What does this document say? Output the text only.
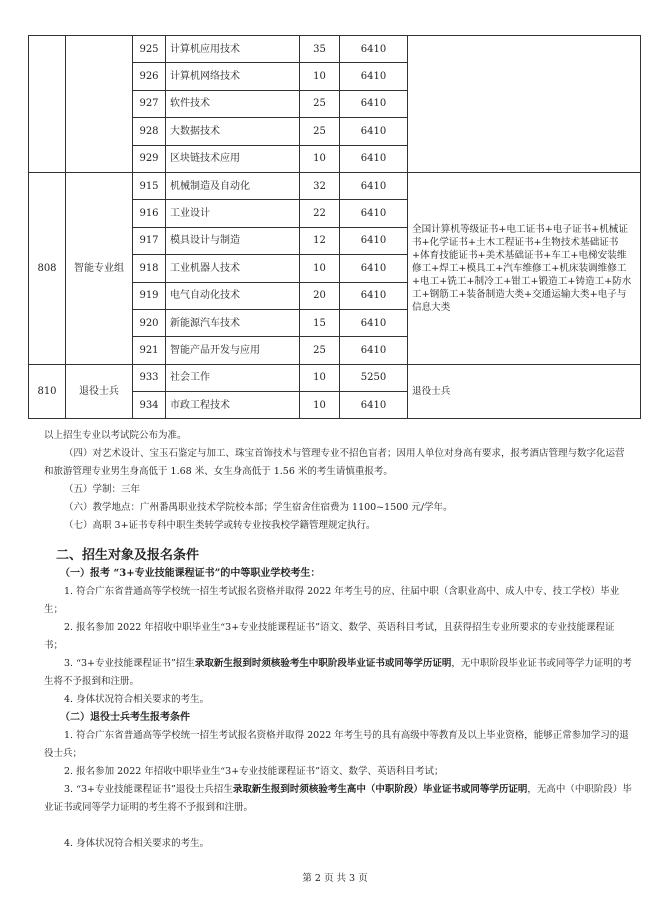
		925	计算机应用技术	35	6410	
		926	计算机网络技术	10	6410	
		927	软件技术	25	6410	
		928	大数据技术	25	6410	
		929	区块链技术应用	10	6410	
808	智能专业组	915	机械制造及自动化	32	6410	全国计算机等级证书+电工证书+电子证书+机械证书+化学证书+土木工程证书+生物技术基础证书+体育技能证书+美术基础证书+车工+电梯安装维修工+焊工+模具工+汽车维修工+机床装调维修工+电工+铣工+制冷工+钳工+锻造工+铸造工+防水工+钢筋工+装备制造大类+交通运输大类+电子与信息大类
		916	工业设计	22	6410	
		917	模具设计与制造	12	6410	
		918	工业机器人技术	10	6410	
		919	电气自动化技术	20	6410	
		920	新能源汽车技术	15	6410	
		921	智能产品开发与应用	25	6410	
810	退役士兵	933	社会工作	10	5250	退役士兵
		934	市政工程技术	10	6410	

以上招生专业以考试院公布为准。

（四）对艺术设计、宝玉石鉴定与加工、珠宝首饰技术与管理专业不招色盲者；因用人单位对身高有要求，报考酒店管理与数字化运营和旅游管理专业男生身高低于 1.68 米、女生身高低于 1.56 米的考生请慎重报考。

（五）学制：三年

（六）教学地点：广州番禺职业技术学院校本部；学生宿舍住宿费为 1100~1500 元/学年。

（七）高职 3+证书专科中职生类转学或转专业按我校学籍管理规定执行。

二、招生对象及报名条件

（一）报考 “3+专业技能课程证书”的中等职业学校考生：

1. 符合广东省普通高等学校统一招生考试报名资格并取得 2022 年考生号的应、往届中职（含职业高中、成人中专、技工学校）毕业生；

2. 报名参加 2022 年招收中职毕业生“3+专业技能课程证书”语文、数学、英语科目考试，且获得招生专业所要求的专业技能课程证书；

3. “3+专业技能课程证书”招生录取新生报到时须核验考生中职阶段毕业证书或同等学历证明，无中职阶段毕业证书或同等学力证明的考生将不予报到和注册。

4. 身体状况符合相关要求的考生。

（二）退役士兵考生报考条件

1. 符合广东省普通高等学校统一招生考试报名资格并取得 2022 年考生号的具有高级中等教育及以上毕业资格，能够正常参加学习的退役士兵；

2. 报名参加 2022 年招收中职毕业生“3+专业技能课程证书”语文、数学、英语科目考试；

3. “3+专业技能课程证书”退役士兵招生录取新生报到时须核验考生高中（中职阶段）毕业证书或同等学历证明，无高中（中职阶段）毕业证书或同等学力证明的考生将不予报到和注册。

4. 身体状况符合相关要求的考生。

第 2 页 共 3 页
